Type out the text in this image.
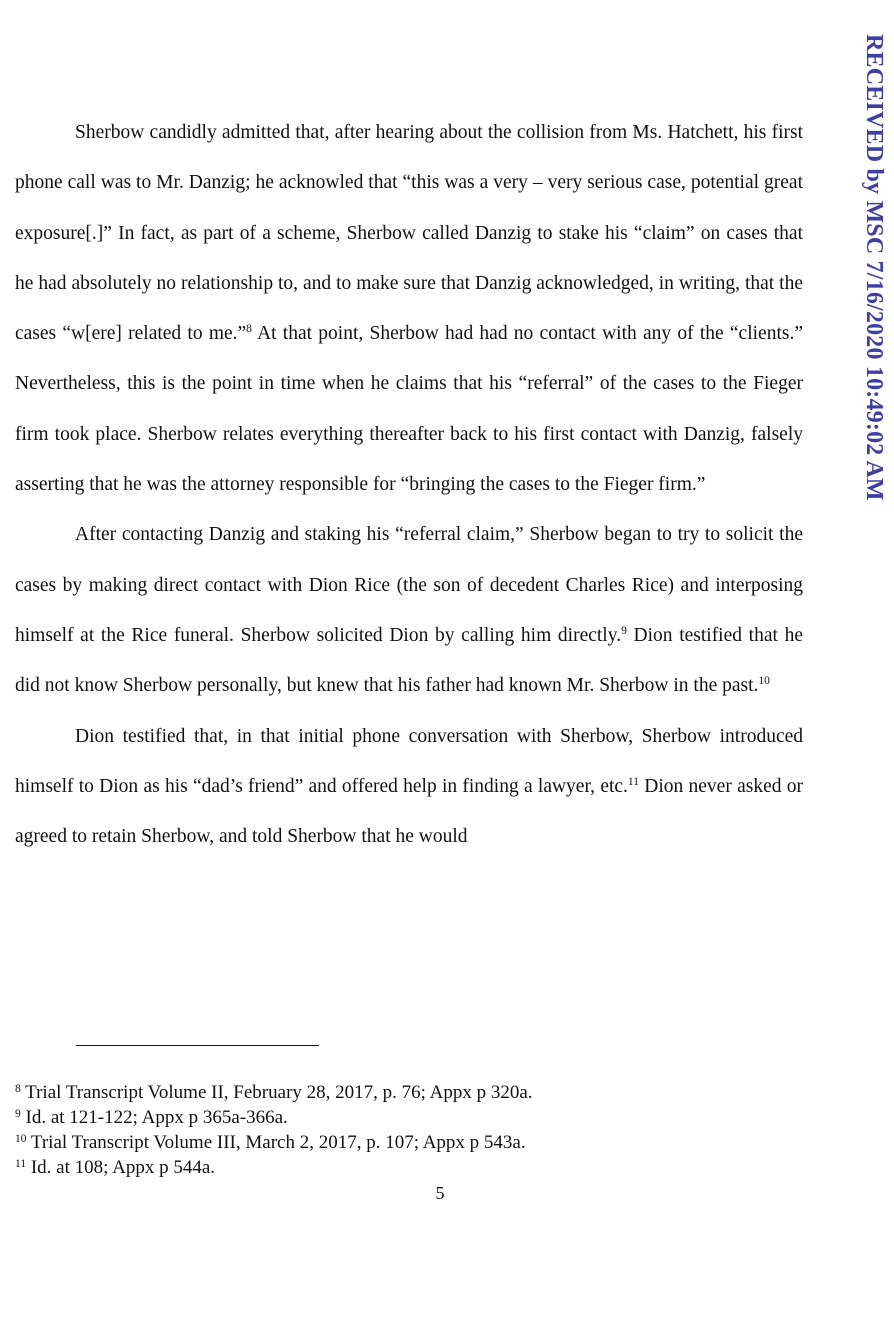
RECEIVED by MSC 7/16/2020 10:49:02 AM

Sherbow candidly admitted that, after hearing about the collision from Ms. Hatchett, his first phone call was to Mr. Danzig; he acknowled that “this was a very – very serious case, potential great exposure[.]” In fact, as part of a scheme, Sherbow called Danzig to stake his “claim” on cases that he had absolutely no relationship to, and to make sure that Danzig acknowledged, in writing, that the cases “w[ere] related to me.”$^8$ At that point, Sherbow had had no contact with any of the “clients.” Nevertheless, this is the point in time when he claims that his “referral” of the cases to the Fieger firm took place. Sherbow relates everything thereafter back to his first contact with Danzig, falsely asserting that he was the attorney responsible for “bringing the cases to the Fieger firm.”

After contacting Danzig and staking his “referral claim,” Sherbow began to try to solicit the cases by making direct contact with Dion Rice (the son of decedent Charles Rice) and interposing himself at the Rice funeral. Sherbow solicited Dion by calling him directly.$^9$ Dion testified that he did not know Sherbow personally, but knew that his father had known Mr. Sherbow in the past.$^{10}$

Dion testified that, in that initial phone conversation with Sherbow, Sherbow introduced himself to Dion as his “dad’s friend” and offered help in finding a lawyer, etc.$^{11}$ Dion never asked or agreed to retain Sherbow, and told Sherbow that he would

$^8$ Trial Transcript Volume II, February 28, 2017, p. 76; Appx p 320a.
$^9$ Id. at 121-122; Appx p 365a-366a.
$^{10}$ Trial Transcript Volume III, March 2, 2017, p. 107; Appx p 543a.
$^{11}$ Id. at 108; Appx p 544a.
5
